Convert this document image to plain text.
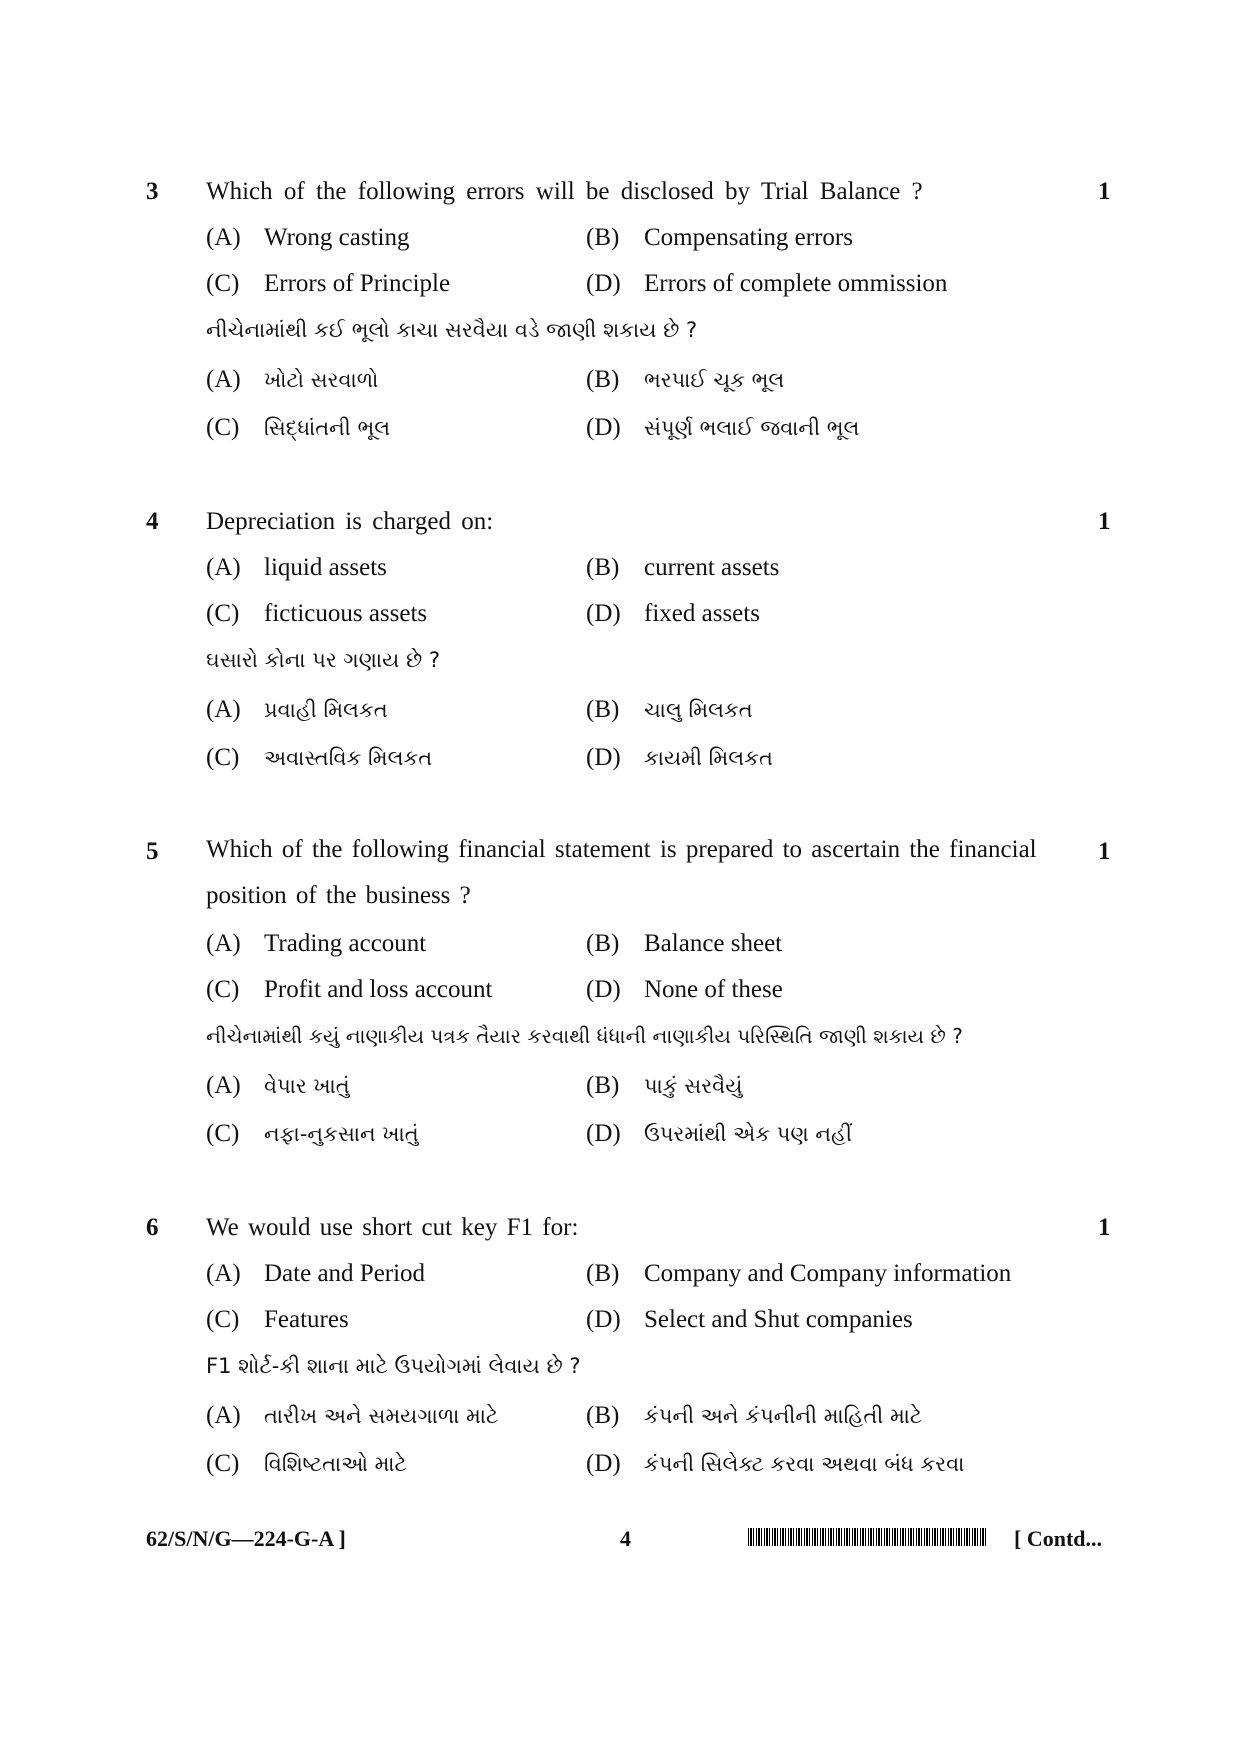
3 Which of the following errors will be disclosed by Trial Balance ?	1
(A) Wrong casting	(B) Compensating errors
(C) Errors of Principle	(D) Errors of complete ommission
નીચેનામાંથી કઈ ભૂલો કાચા સરવૈયા વડે જાણી શકાય છે ?
(A) ખોટો સરવાળો	(B) ભરપાઈ ચૂક ભૂલ
(C) સિદ્ધાંતની ભૂલ	(D) સંપૂર્ણ ભલાઈ જવાની ભૂલ
4 Depreciation is charged on:	1
(A) liquid assets	(B) current assets
(C) ficticuous assets	(D) fixed assets
ઘસારો કોના પર ગણાય છે ?
(A) પ્રવાહી મિલકત	(B) ચાલુ મિલકત
(C) અવાસ્તવિક મિલકત	(D) કાયમી મિલકત
5 Which of the following financial statement is prepared to ascertain the financial position of the business ?
1
(A) Trading account	(B) Balance sheet
(C) Profit and loss account	(D) None of these
નીચેનામાંથી કયું નાણાકીય પત્રક તૈયાર કરવાથી ધંધાની નાણાકીય પરિસ્થિતિ જાણી શકાય છે ?
(A) વેપાર ખાતું	(B) પાકું સરવૈયું
(C) નફા-નુકસાન ખાતું	(D) ઉપરમાંથી એક પણ નહીં
6 We would use short cut key F1 for:	1
(A) Date and Period	(B) Company and Company information
(C) Features	(D) Select and Shut companies
F1 શોર્ટ-કી શાના માટે ઉપયોગમાં લેવાય છે ?
(A) તારીખ અને સમયગાળા માટે	(B) કંપની અને કંપનીની માહિતી માટે
(C) વિશિષ્ટતાઓ માટે	(D) કંપની સિલેક્ટ કરવા અથવા બંધ કરવા
62/S/N/G—224-G-A ]	4	[ Contd...
